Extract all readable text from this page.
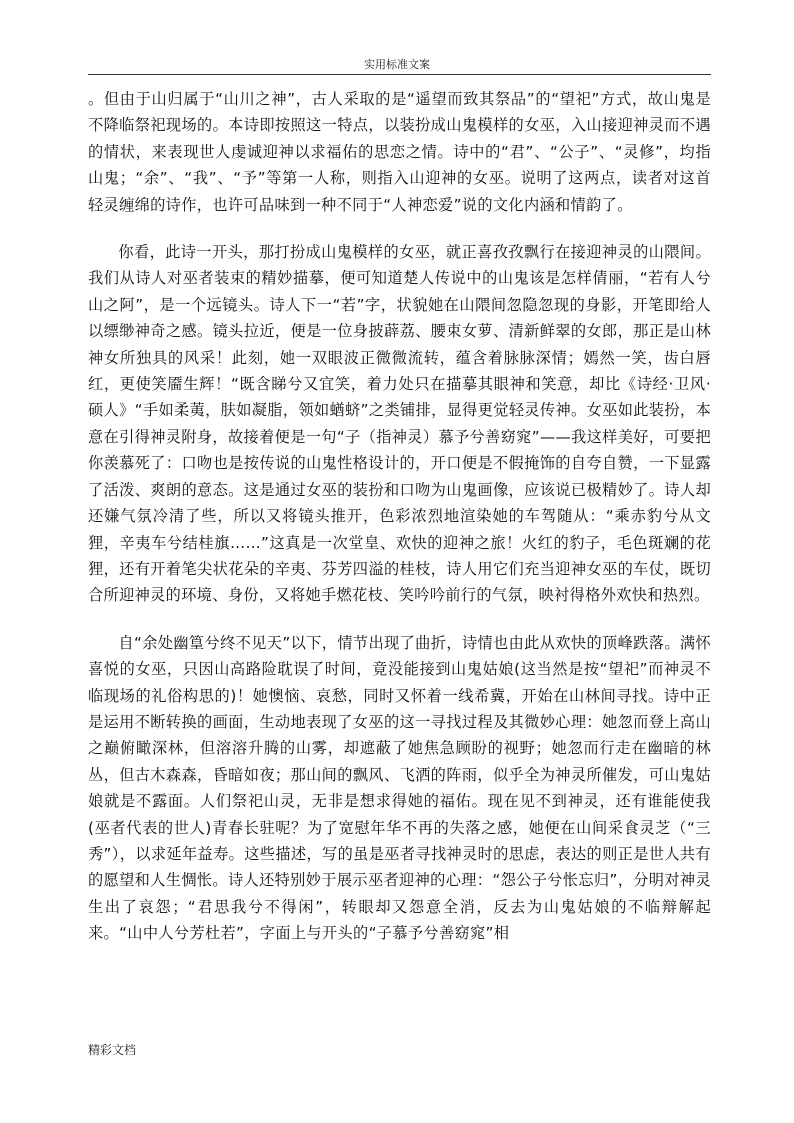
实用标准文案

。但由于山归属于“山川之神”，古人采取的是“遥望而致其祭品”的“望祀”方式，故山鬼是不降临祭祀现场的。本诗即按照这一特点，以装扮成山鬼模样的女巫，入山接迎神灵而不遇的情状，来表现世人虔诚迎神以求福佑的思恋之情。诗中的“君”、“公子”、“灵修”，均指山鬼；“余”、“我”、“予”等第一人称，则指入山迎神的女巫。说明了这两点，读者对这首轻灵缠绵的诗作，也许可品味到一种不同于“人神恋爱”说的文化内涵和情韵了。

你看，此诗一开头，那打扮成山鬼模样的女巫，就正喜孜孜飘行在接迎神灵的山隈间。我们从诗人对巫者装束的精妙描摹，便可知道楚人传说中的山鬼该是怎样倩丽，“若有人兮山之阿”，是一个远镜头。诗人下一“若”字，状貌她在山隈间忽隐忽现的身影，开笔即给人以缥缈神奇之感。镜头拉近，便是一位身披薜荔、腰束女萝、清新鲜翠的女郎，那正是山林神女所独具的风采！此刻，她一双眼波正微微流转，蕴含着脉脉深情；嫣然一笑，齿白唇红，更使笑靥生辉！“既含睇兮又宜笑，着力处只在描摹其眼神和笑意，却比《诗经·卫风·硕人》“手如柔荑，肤如凝脂，领如蝤蛴”之类铺排，显得更觉轻灵传神。女巫如此装扮，本意在引得神灵附身，故接着便是一句“子（指神灵）慕予兮善窈窕”——我这样美好，可要把你羡慕死了：口吻也是按传说的山鬼性格设计的，开口便是不假掩饰的自夸自赞，一下显露了活泼、爽朗的意态。这是通过女巫的装扮和口吻为山鬼画像，应该说已极精妙了。诗人却还嫌气氛冷清了些，所以又将镜头推开，色彩浓烈地渲染她的车驾随从：“乘赤豹兮从文狸，辛夷车兮结桂旗……”这真是一次堂皇、欢快的迎神之旅！火红的豹子，毛色斑斓的花狸，还有开着笔尖状花朵的辛夷、芬芳四溢的桂枝，诗人用它们充当迎神女巫的车仗，既切合所迎神灵的环境、身份，又将她手燃花枝、笑吟吟前行的气氛，映衬得格外欢快和热烈。

自“余处幽篁兮终不见天”以下，情节出现了曲折，诗情也由此从欢快的顶峰跌落。满怀喜悦的女巫，只因山高路险耽误了时间，竟没能接到山鬼姑娘(这当然是按“望祀”而神灵不临现场的礼俗构思的)！她懊恼、哀愁，同时又怀着一线希冀，开始在山林间寻找。诗中正是运用不断转换的画面，生动地表现了女巫的这一寻找过程及其微妙心理：她忽而登上高山之巅俯瞰深林，但溶溶升腾的山雾，却遮蔽了她焦急顾盼的视野；她忽而行走在幽暗的林丛，但古木森森，昏暗如夜；那山间的飘风、飞洒的阵雨，似乎全为神灵所催发，可山鬼姑娘就是不露面。人们祭祀山灵，无非是想求得她的福佑。现在见不到神灵，还有谁能使我(巫者代表的世人)青春长驻呢？为了宽慰年华不再的失落之感，她便在山间采食灵芝（“三秀”），以求延年益寿。这些描述，写的虽是巫者寻找神灵时的思虑，表达的则正是世人共有的愿望和人生惆怅。诗人还特别妙于展示巫者迎神的心理：“怨公子兮怅忘归”，分明对神灵生出了哀怨；“君思我兮不得闲”，转眼却又怨意全消，反去为山鬼姑娘的不临辩解起来。“山中人兮芳杜若”，字面上与开头的“子慕予兮善窈窕”相

精彩文档
